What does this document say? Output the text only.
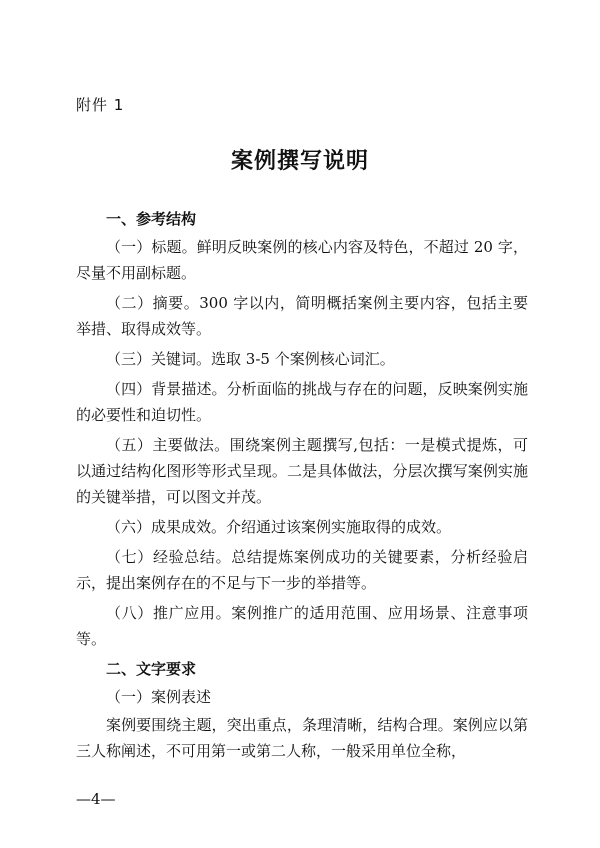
附件 1
案例撰写说明
一、参考结构
（一）标题。鲜明反映案例的核心内容及特色，不超过 20 字，尽量不用副标题。
（二）摘要。300 字以内，简明概括案例主要内容，包括主要举措、取得成效等。
（三）关键词。选取 3-5 个案例核心词汇。
（四）背景描述。分析面临的挑战与存在的问题，反映案例实施的必要性和迫切性。
（五）主要做法。围绕案例主题撰写,包括：一是模式提炼，可以通过结构化图形等形式呈现。二是具体做法，分层次撰写案例实施的关键举措，可以图文并茂。
（六）成果成效。介绍通过该案例实施取得的成效。
（七）经验总结。总结提炼案例成功的关键要素，分析经验启示，提出案例存在的不足与下一步的举措等。
（八）推广应用。案例推广的适用范围、应用场景、注意事项等。
二、文字要求
（一）案例表述
案例要围绕主题，突出重点，条理清晰，结构合理。案例应以第三人称阐述，不可用第一或第二人称，一般采用单位全称，
—4—
